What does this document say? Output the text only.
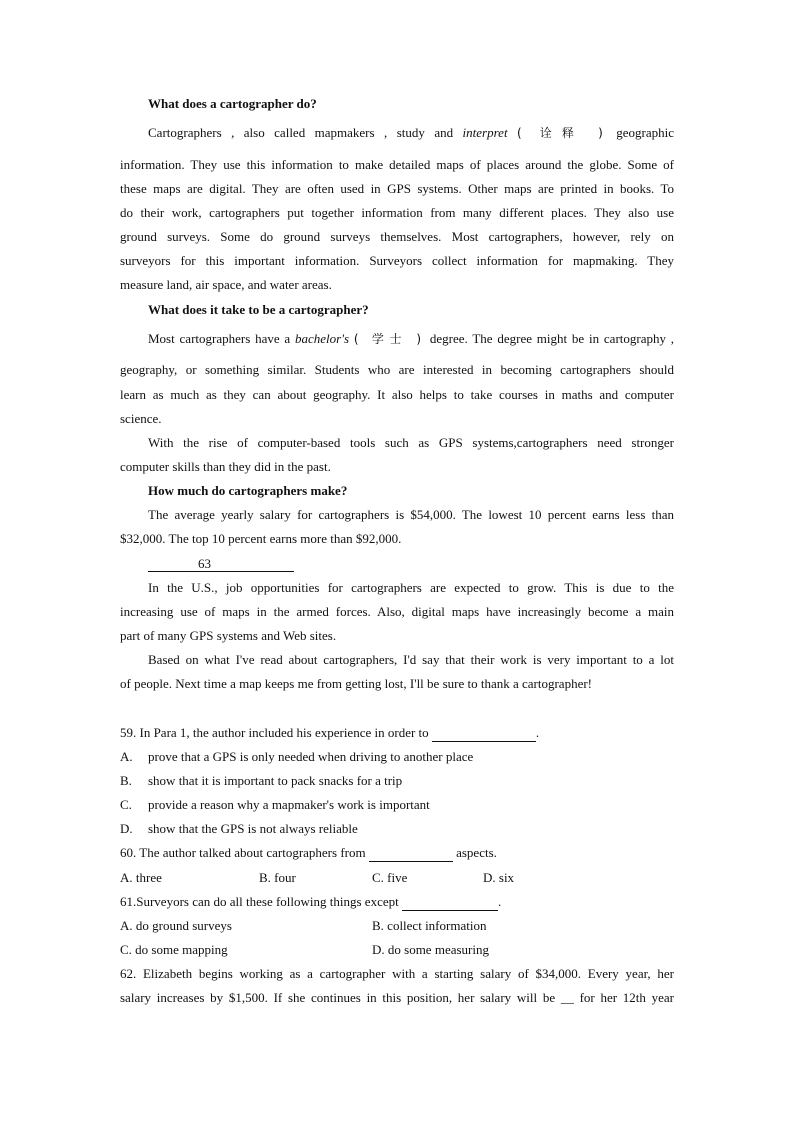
What does a cartographer do?
Cartographers , also called mapmakers , study and interpret ( 诠释 ) geographic
information. They use this information to make detailed maps of places around the globe. Some of
these maps are digital. They are often used in GPS systems. Other maps are printed in books. To
do their work, cartographers put together information from many different places. They also use
ground surveys. Some do ground surveys themselves. Most cartographers, however, rely on
surveyors for this important information. Surveyors collect information for mapmaking. They
measure land, air space, and water areas.
What does it take to be a cartographer?
Most cartographers have a bachelor's ( 学士 ) degree. The degree might be in cartography ,
geography, or something similar. Students who are interested in becoming cartographers should
learn as much as they can about geography. It also helps to take courses in maths and computer
science.
With the rise of computer-based tools such as GPS systems,cartographers need stronger
computer skills than they did in the past.
How much do cartographers make?
The average yearly salary for cartographers is $54,000. The lowest 10 percent earns less than
$32,000. The top 10 percent earns more than $92,000.
63
In the U.S., job opportunities for cartographers are expected to grow. This is due to the
increasing use of maps in the armed forces. Also, digital maps have increasingly become a main
part of many GPS systems and Web sites.
Based on what I've read about cartographers, I'd say that their work is very important to a lot
of people. Next time a map keeps me from getting lost, I'll be sure to thank a cartographer!
59. In Para 1, the author included his experience in order to	.
A. prove that a GPS is only needed when driving to another place
B. show that it is important to pack snacks for a trip
C. provide a reason why a mapmaker's work is important
D. show that the GPS is not always reliable
60. The author talked about cartographers from	aspects.
A. three	B. four	C. five	D. six
61.Surveyors can do all these following things except	.
A. do ground surveys	B. collect information
C. do some mapping	D. do some measuring
62. Elizabeth begins working as a cartographer with a starting salary of $34,000. Every year, her
salary increases by $1,500. If she continues in this position, her salary will be __ for her 12th year
